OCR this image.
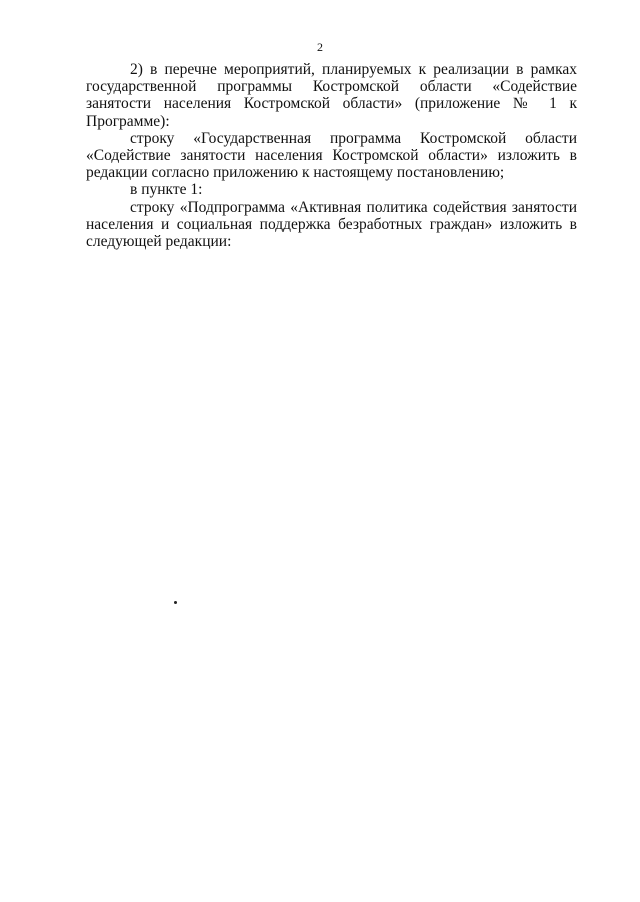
2

2) в перечне мероприятий, планируемых к реализации в рамках государственной программы Костромской области «Содействие занятости населения Костромской области» (приложение № 1 к Программе):

строку «Государственная программа Костромской области «Содействие занятости населения Костромской области» изложить в редакции согласно приложению к настоящему постановлению;

в пункте 1:

строку «Подпрограмма «Активная политика содействия занятости населения и социальная поддержка безработных граждан» изложить в следующей редакции:
